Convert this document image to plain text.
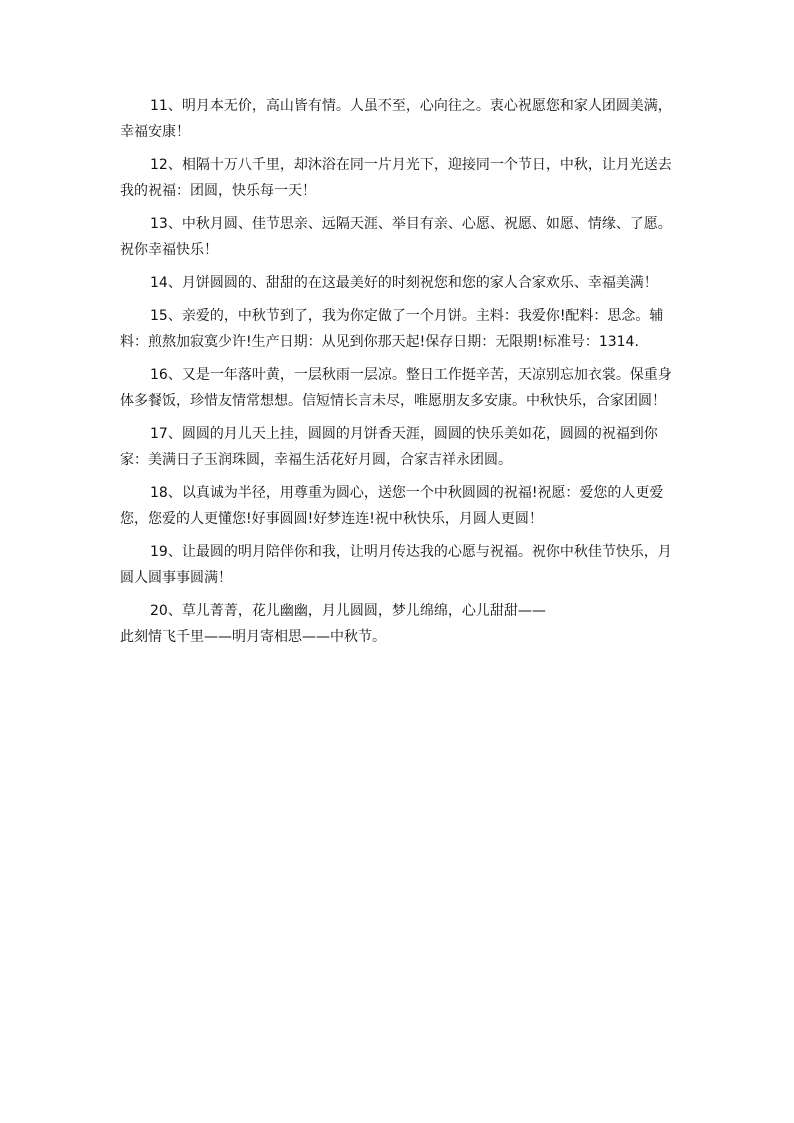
11、明月本无价，高山皆有情。人虽不至，心向往之。衷心祝愿您和家人团圆美满，幸福安康！

12、相隔十万八千里，却沐浴在同一片月光下，迎接同一个节日，中秋，让月光送去我的祝福：团圆，快乐每一天！

13、中秋月圆、佳节思亲、远隔天涯、举目有亲、心愿、祝愿、如愿、情缘、了愿。祝你幸福快乐！

14、月饼圆圆的、甜甜的在这最美好的时刻祝您和您的家人合家欢乐、幸福美满！

15、亲爱的，中秋节到了，我为你定做了一个月饼。主料：我爱你!配料：思念。辅料：煎熬加寂寞少许!生产日期：从见到你那天起!保存日期：无限期!标准号：1314.

16、又是一年落叶黄，一层秋雨一层凉。整日工作挺辛苦，天凉别忘加衣裳。保重身体多餐饭，珍惜友情常想想。信短情长言未尽，唯愿朋友多安康。中秋快乐，合家团圆！

17、圆圆的月儿天上挂，圆圆的月饼香天涯，圆圆的快乐美如花，圆圆的祝福到你家：美满日子玉润珠圆，幸福生活花好月圆，合家吉祥永团圆。

18、以真诚为半径，用尊重为圆心，送您一个中秋圆圆的祝福!祝愿：爱您的人更爱您，您爱的人更懂您!好事圆圆!好梦连连!祝中秋快乐，月圆人更圆！

19、让最圆的明月陪伴你和我，让明月传达我的心愿与祝福。祝你中秋佳节快乐，月圆人圆事事圆满！

20、草儿菁菁，花儿幽幽，月儿圆圆，梦儿绵绵，心儿甜甜——
此刻情飞千里——明月寄相思——中秋节。
